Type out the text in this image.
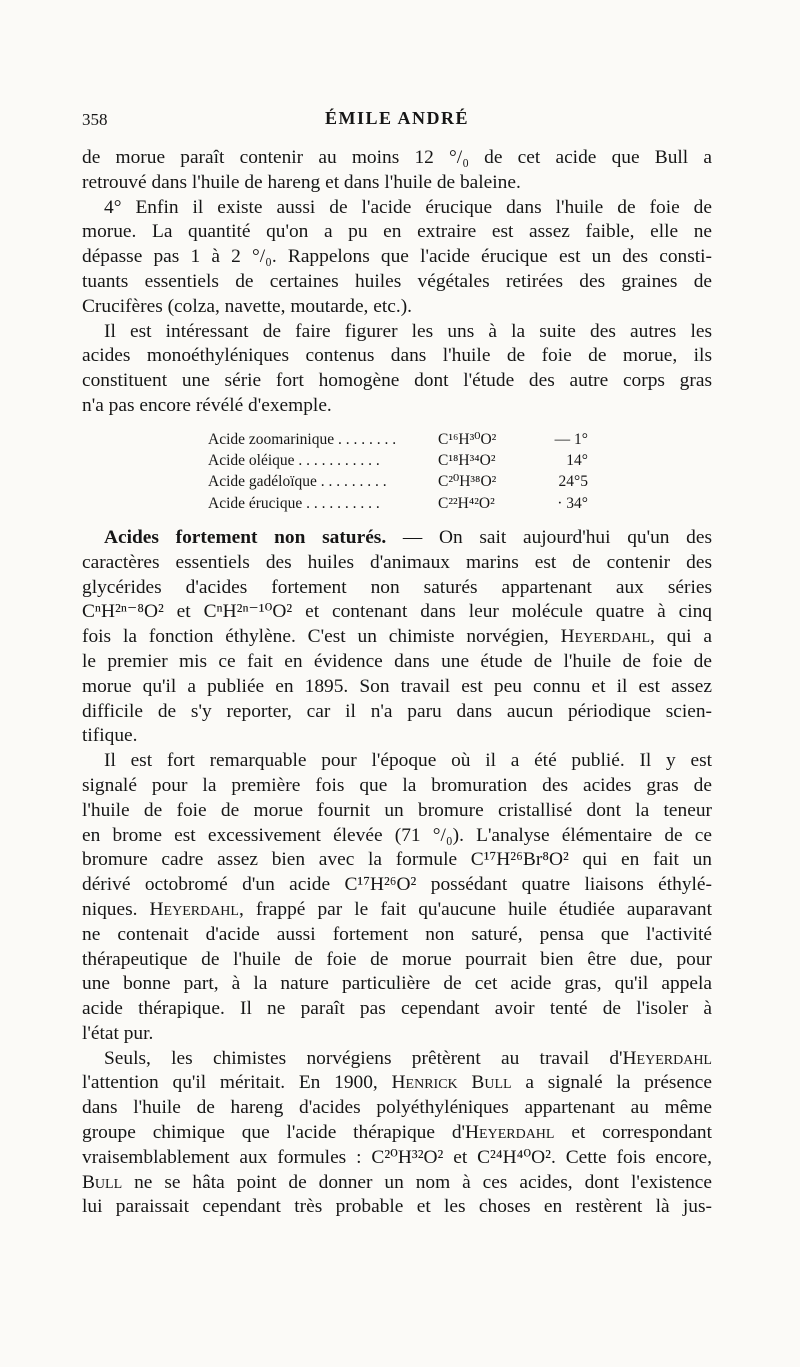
358	ÉMILE ANDRÉ
de morue paraît contenir au moins 12 °/₀ de cet acide que Bull a
retrouvé dans l'huile de hareng et dans l'huile de baleine.
4° Enfin il existe aussi de l'acide érucique dans l'huile de foie de
morue. La quantité qu'on a pu en extraire est assez faible, elle ne
dépasse pas 1 à 2 °/₀. Rappelons que l'acide érucique est un des consti-
tuants essentiels de certaines huiles végétales retirées des graines de
Crucifères (colza, navette, moutarde, etc.).
Il est intéressant de faire figurer les uns à la suite des autres les
acides monoéthyléniques contenus dans l'huile de foie de morue, ils
constituent une série fort homogène dont l'étude des autre corps gras
n'a pas encore révélé d'exemple.
Acide zoomarinique . . . . . . . .	C¹⁶H³⁰O²	— 1°
Acide oléique . . . . . . . . . . .	C¹⁸H³⁴O²	14°
Acide gadéloïque . . . . . . . . .	C²⁰H³⁸O²	24°5
Acide érucique . . . . . . . . . .	C²²H⁴²O²	· 34°
Acides fortement non saturés. — On sait aujourd'hui qu'un des
caractères essentiels des huiles d'animaux marins est de contenir des
glycérides d'acides fortement non saturés appartenant aux séries
CⁿH²ⁿ⁻⁸O² et CⁿH²ⁿ⁻¹⁰O² et contenant dans leur molécule quatre à cinq
fois la fonction éthylène. C'est un chimiste norvégien, Heyerdahl, qui a
le premier mis ce fait en évidence dans une étude de l'huile de foie de
morue qu'il a publiée en 1895. Son travail est peu connu et il est assez
difficile de s'y reporter, car il n'a paru dans aucun périodique scien-
tifique.
Il est fort remarquable pour l'époque où il a été publié. Il y est
signalé pour la première fois que la bromuration des acides gras de
l'huile de foie de morue fournit un bromure cristallisé dont la teneur
en brome est excessivement élevée (71 °/₀). L'analyse élémentaire de ce
bromure cadre assez bien avec la formule C¹⁷H²⁶Br⁸O² qui en fait un
dérivé octobromé d'un acide C¹⁷H²⁶O² possédant quatre liaisons éthylé-
niques. Heyerdahl, frappé par le fait qu'aucune huile étudiée auparavant
ne contenait d'acide aussi fortement non saturé, pensa que l'activité
thérapeutique de l'huile de foie de morue pourrait bien être due, pour
une bonne part, à la nature particulière de cet acide gras, qu'il appela
acide thérapique. Il ne paraît pas cependant avoir tenté de l'isoler à
l'état pur.
Seuls, les chimistes norvégiens prêtèrent au travail d'Heyerdahl
l'attention qu'il méritait. En 1900, Henrick Bull a signalé la présence
dans l'huile de hareng d'acides polyéthyléniques appartenant au même
groupe chimique que l'acide thérapique d'Heyerdahl et correspondant
vraisemblablement aux formules : C²⁰H³²O² et C²⁴H⁴⁰O². Cette fois encore,
Bull ne se hâta point de donner un nom à ces acides, dont l'existence
lui paraissait cependant très probable et les choses en restèrent là jus-
